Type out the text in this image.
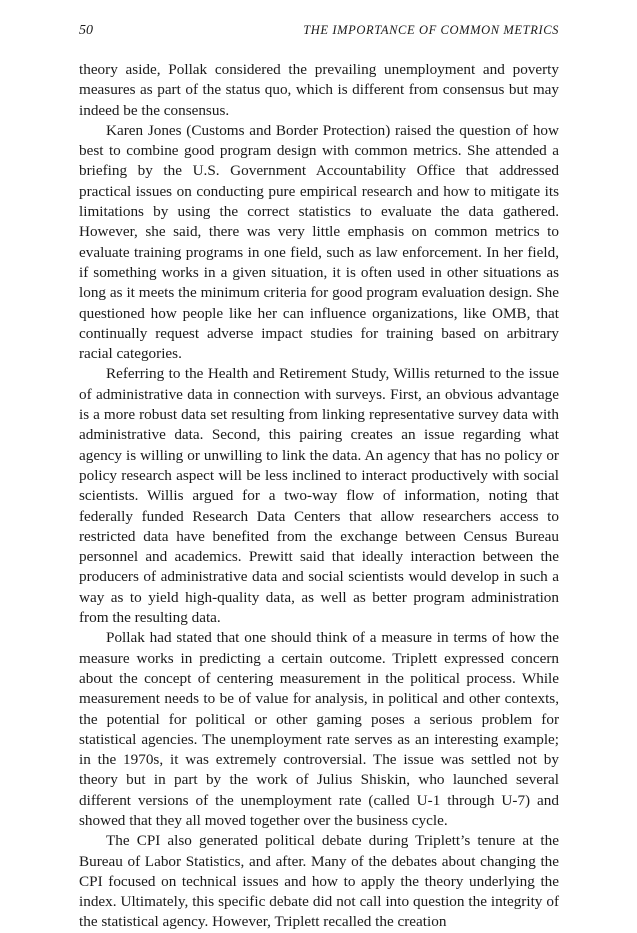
50	THE IMPORTANCE OF COMMON METRICS

theory aside, Pollak considered the prevailing unemployment and poverty measures as part of the status quo, which is different from consensus but may indeed be the consensus.

Karen Jones (Customs and Border Protection) raised the question of how best to combine good program design with common metrics. She attended a briefing by the U.S. Government Accountability Office that addressed practical issues on conducting pure empirical research and how to mitigate its limitations by using the correct statistics to evaluate the data gathered. However, she said, there was very little emphasis on common metrics to evaluate training programs in one field, such as law enforcement. In her field, if something works in a given situation, it is often used in other situations as long as it meets the minimum criteria for good program evaluation design. She questioned how people like her can influence organizations, like OMB, that continually request adverse impact studies for training based on arbitrary racial categories.

Referring to the Health and Retirement Study, Willis returned to the issue of administrative data in connection with surveys. First, an obvious advantage is a more robust data set resulting from linking representative survey data with administrative data. Second, this pairing creates an issue regarding what agency is willing or unwilling to link the data. An agency that has no policy or policy research aspect will be less inclined to interact productively with social scientists. Willis argued for a two-way flow of information, noting that federally funded Research Data Centers that allow researchers access to restricted data have benefited from the exchange between Census Bureau personnel and academics. Prewitt said that ideally interaction between the producers of administrative data and social scientists would develop in such a way as to yield high-quality data, as well as better program administration from the resulting data.

Pollak had stated that one should think of a measure in terms of how the measure works in predicting a certain outcome. Triplett expressed concern about the concept of centering measurement in the political process. While measurement needs to be of value for analysis, in political and other contexts, the potential for political or other gaming poses a serious problem for statistical agencies. The unemployment rate serves as an interesting example; in the 1970s, it was extremely controversial. The issue was settled not by theory but in part by the work of Julius Shiskin, who launched several different versions of the unemployment rate (called U-1 through U-7) and showed that they all moved together over the business cycle.

The CPI also generated political debate during Triplett’s tenure at the Bureau of Labor Statistics, and after. Many of the debates about changing the CPI focused on technical issues and how to apply the theory underlying the index. Ultimately, this specific debate did not call into question the integrity of the statistical agency. However, Triplett recalled the creation
